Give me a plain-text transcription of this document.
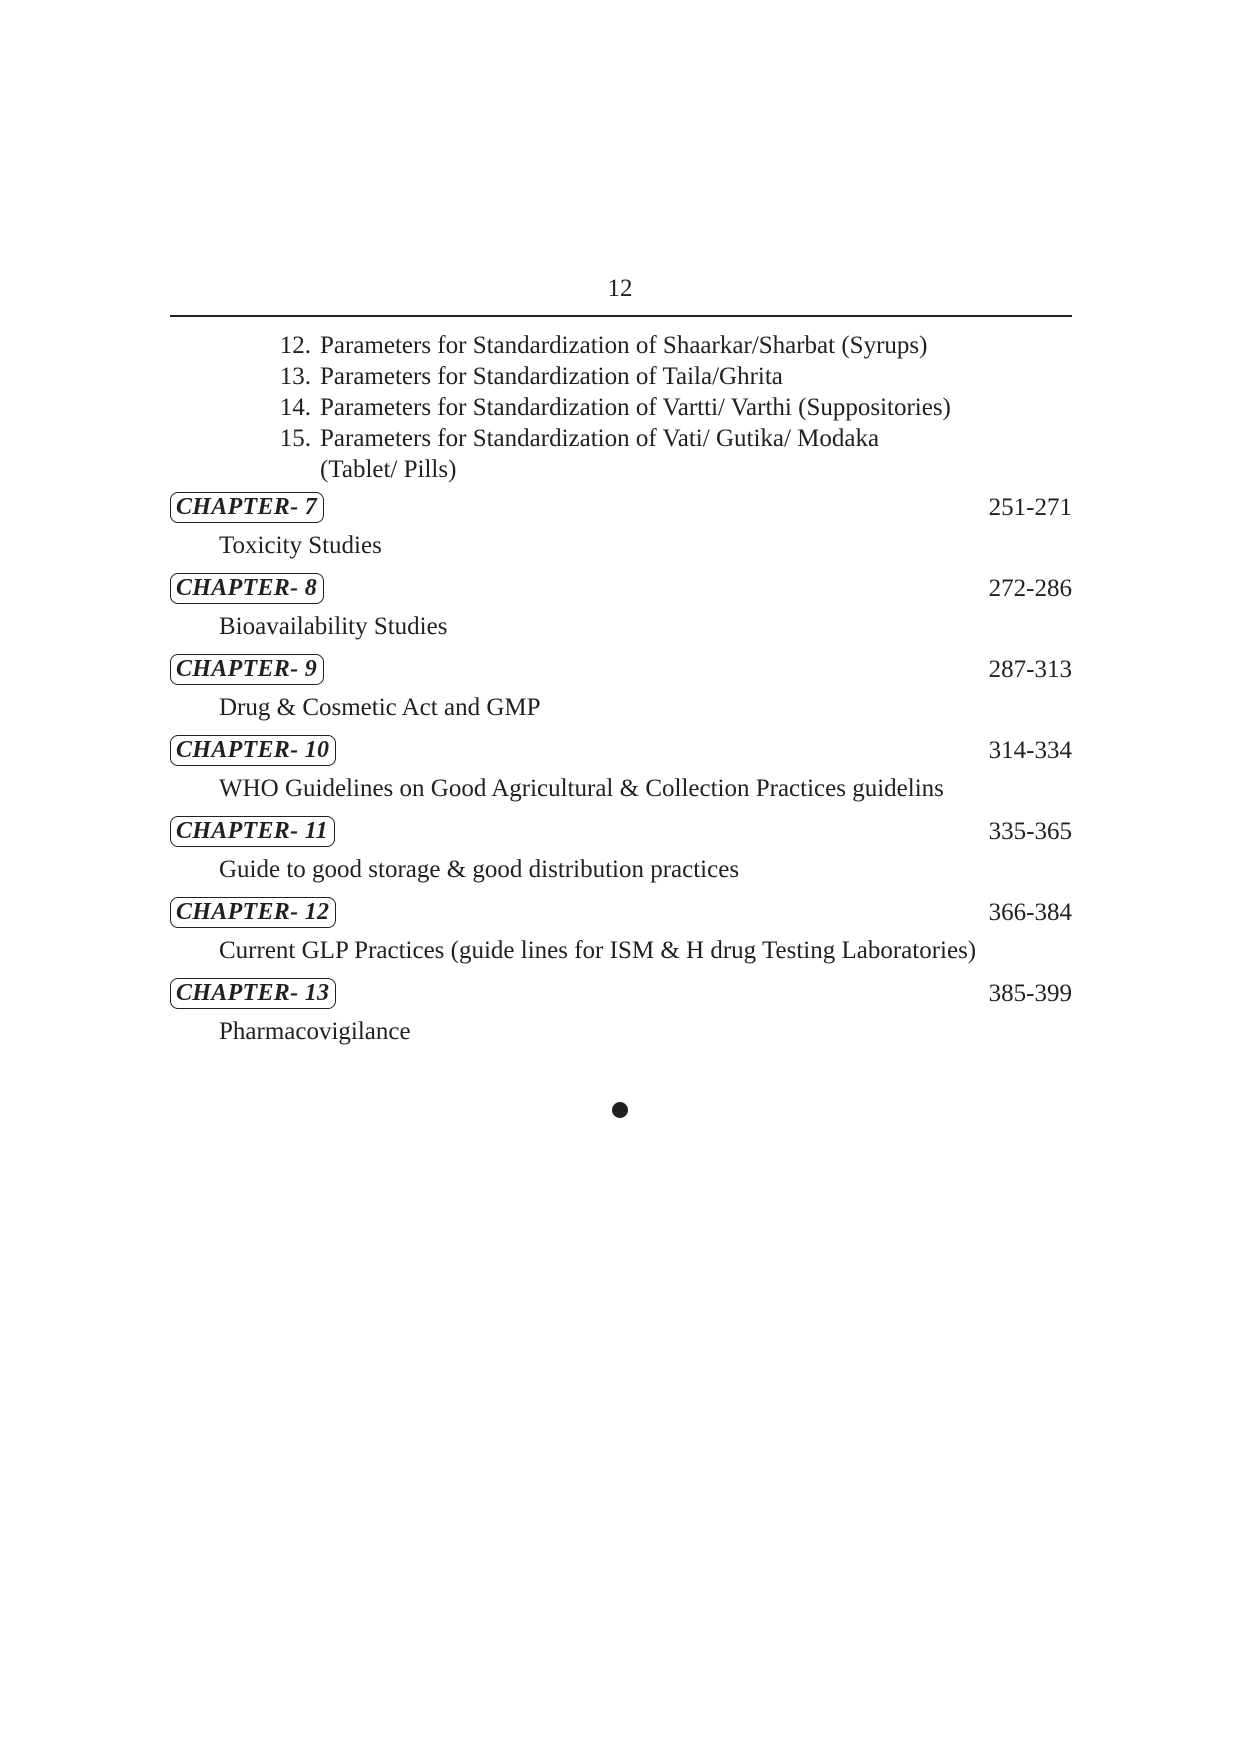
12
12. Parameters for Standardization of Shaarkar/Sharbat (Syrups)
13. Parameters for Standardization of Taila/Ghrita
14. Parameters for Standardization of Vartti/ Varthi (Suppositories)
15. Parameters for Standardization of Vati/ Gutika/ Modaka
(Tablet/ Pills)
CHAPTER- 7	251-271
Toxicity Studies
CHAPTER- 8	272-286
Bioavailability Studies
CHAPTER- 9	287-313
Drug & Cosmetic Act and GMP
CHAPTER- 10	314-334
WHO Guidelines on Good Agricultural & Collection Practices guidelins
CHAPTER- 11	335-365
Guide to good storage & good distribution practices
CHAPTER- 12	366-384
Current GLP Practices (guide lines for ISM & H drug Testing Laboratories)
CHAPTER- 13	385-399
Pharmacovigilance
